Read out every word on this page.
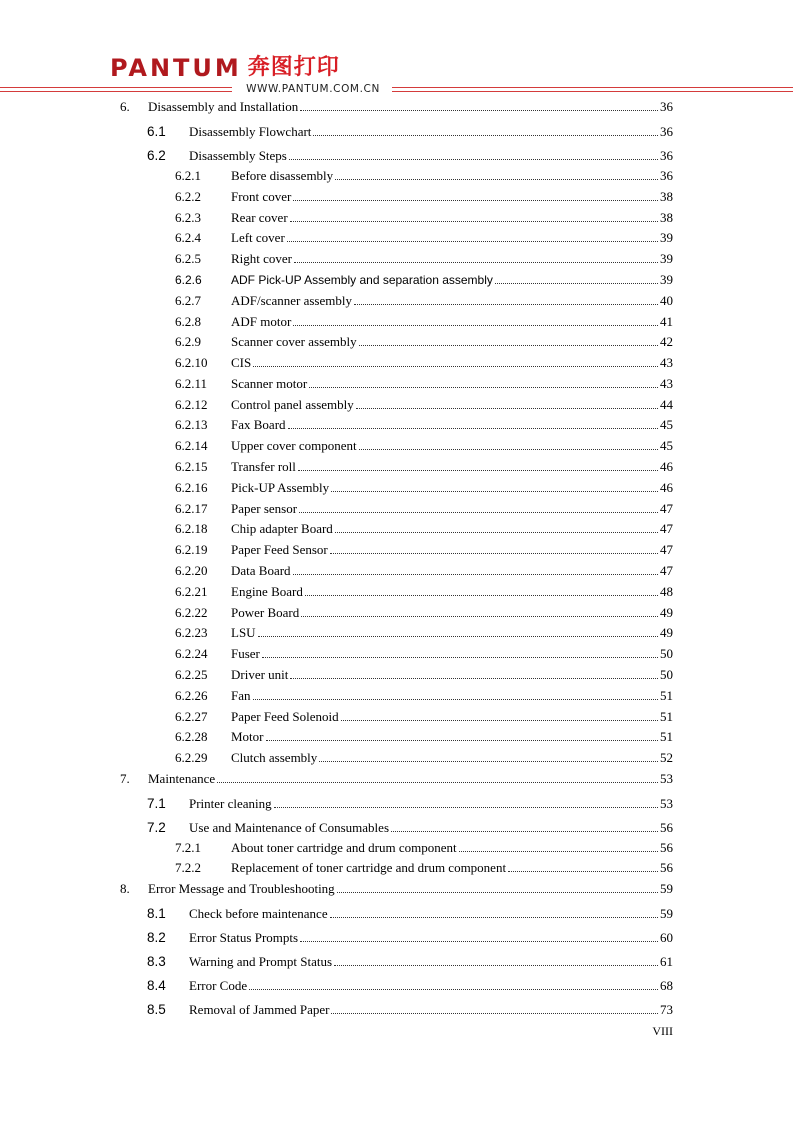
PANTUM 奔图打印
WWW.PANTUM.COM.CN
6. Disassembly and Installation	36
6.1 Disassembly Flowchart	36
6.2 Disassembly Steps	36
6.2.1 Before disassembly	36
6.2.2 Front cover	38
6.2.3 Rear cover	38
6.2.4 Left cover	39
6.2.5 Right cover	39
6.2.6 ADF Pick-UP Assembly and separation assembly	39
6.2.7 ADF/scanner assembly	40
6.2.8 ADF motor	41
6.2.9 Scanner cover assembly	42
6.2.10 CIS	43
6.2.11 Scanner motor	43
6.2.12 Control panel assembly	44
6.2.13 Fax Board	45
6.2.14 Upper cover component	45
6.2.15 Transfer roll	46
6.2.16 Pick-UP Assembly	46
6.2.17 Paper sensor	47
6.2.18 Chip adapter Board	47
6.2.19 Paper Feed Sensor	47
6.2.20 Data Board	47
6.2.21 Engine Board	48
6.2.22 Power Board	49
6.2.23 LSU	49
6.2.24 Fuser	50
6.2.25 Driver unit	50
6.2.26 Fan	51
6.2.27 Paper Feed Solenoid	51
6.2.28 Motor	51
6.2.29 Clutch assembly	52
7. Maintenance	53
7.1 Printer cleaning	53
7.2 Use and Maintenance of Consumables	56
7.2.1 About toner cartridge and drum component	56
7.2.2 Replacement of toner cartridge and drum component	56
8. Error Message and Troubleshooting	59
8.1 Check before maintenance	59
8.2 Error Status Prompts	60
8.3 Warning and Prompt Status	61
8.4 Error Code	68
8.5 Removal of Jammed Paper	73
VIII
